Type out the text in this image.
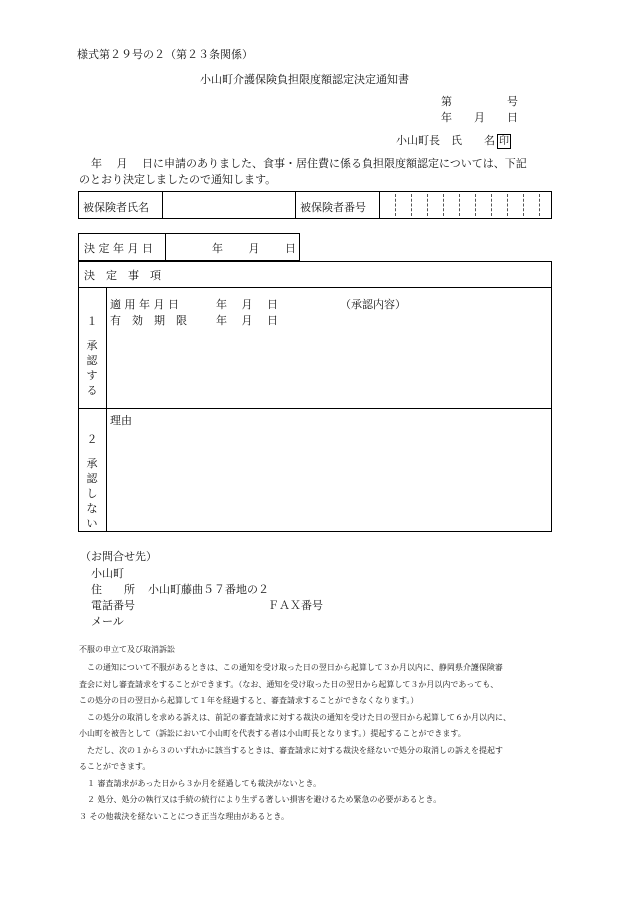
様式第２９号の２（第２３条関係）
小山町介護保険負担限度額認定決定通知書
第　　　　　号
年　　月　　日
小山町長　氏　　名 印
年　 月　 日に申請のありました、食事・居住費に係る負担限度額認定については、下記
のとおり決定しましたので通知します。
被保険者氏名	被保険者番号
決 定 年 月 日	年　　 月　　 日
決　定　事　項
１
承認する
適 用 年 月 日	年　 月　 日
有　効　期　限	年　 月　 日
（承認内容）
２
承認しない
理由
（お問合せ先）
小山町
住　　所 小山町藤曲５７番地の２
電話番号	ＦＡＸ番号
メール
不服の申立て及び取消訴訟
　この通知について不服があるときは、この通知を受け取った日の翌日から起算して３か月以内に、静岡県介護保険審
査会に対し審査請求をすることができます。（なお、通知を受け取った日の翌日から起算して３か月以内であっても、
この処分の日の翌日から起算して１年を経過すると、審査請求することができなくなります。）
　この処分の取消しを求める訴えは、前記の審査請求に対する裁決の通知を受けた日の翌日から起算して６か月以内に、
小山町を被告として（訴訟において小山町を代表する者は小山町長となります。）提起することができます。
　ただし、次の１から３のいずれかに該当するときは、審査請求に対する裁決を経ないで処分の取消しの訴えを提起す
ることができます。
　１ 審査請求があった日から３か月を経過しても裁決がないとき。
　２ 処分、処分の執行又は手続の続行により生ずる著しい損害を避けるため緊急の必要があるとき。
３ その他裁決を経ないことにつき正当な理由があるとき。
